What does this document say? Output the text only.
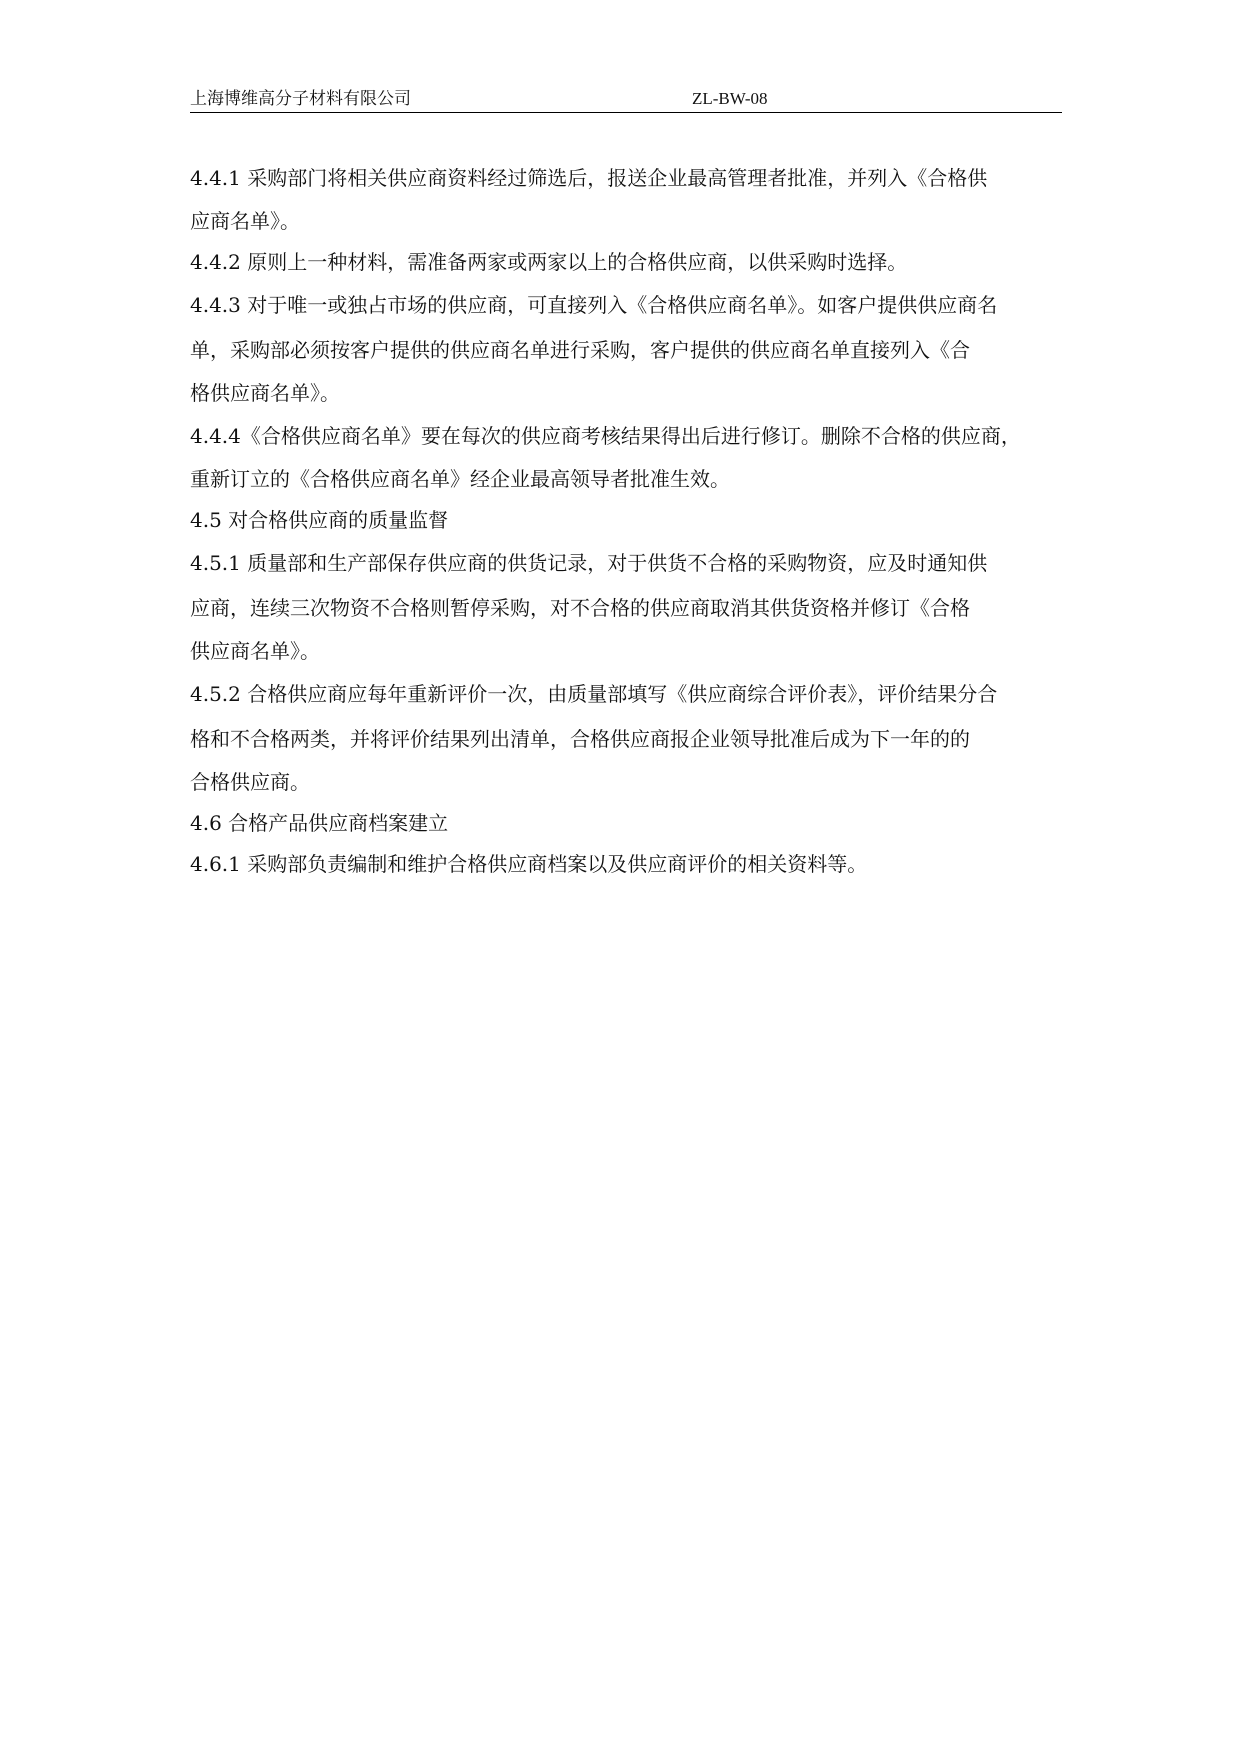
上海博维高分子材料有限公司	ZL-BW-08
4.4.1 采购部门将相关供应商资料经过筛选后，报送企业最高管理者批准，并列入《合格供
应商名单》。
4.4.2 原则上一种材料，需准备两家或两家以上的合格供应商，以供采购时选择。
4.4.3 对于唯一或独占市场的供应商，可直接列入《合格供应商名单》。如客户提供供应商名
单，采购部必须按客户提供的供应商名单进行采购，客户提供的供应商名单直接列入《合
格供应商名单》。
4.4.4《合格供应商名单》要在每次的供应商考核结果得出后进行修订。删除不合格的供应商，
重新订立的《合格供应商名单》经企业最高领导者批准生效。
4.5 对合格供应商的质量监督
4.5.1 质量部和生产部保存供应商的供货记录，对于供货不合格的采购物资，应及时通知供
应商，连续三次物资不合格则暂停采购，对不合格的供应商取消其供货资格并修订《合格
供应商名单》。
4.5.2 合格供应商应每年重新评价一次，由质量部填写《供应商综合评价表》，评价结果分合
格和不合格两类，并将评价结果列出清单，合格供应商报企业领导批准后成为下一年的的
合格供应商。
4.6 合格产品供应商档案建立
4.6.1 采购部负责编制和维护合格供应商档案以及供应商评价的相关资料等。
